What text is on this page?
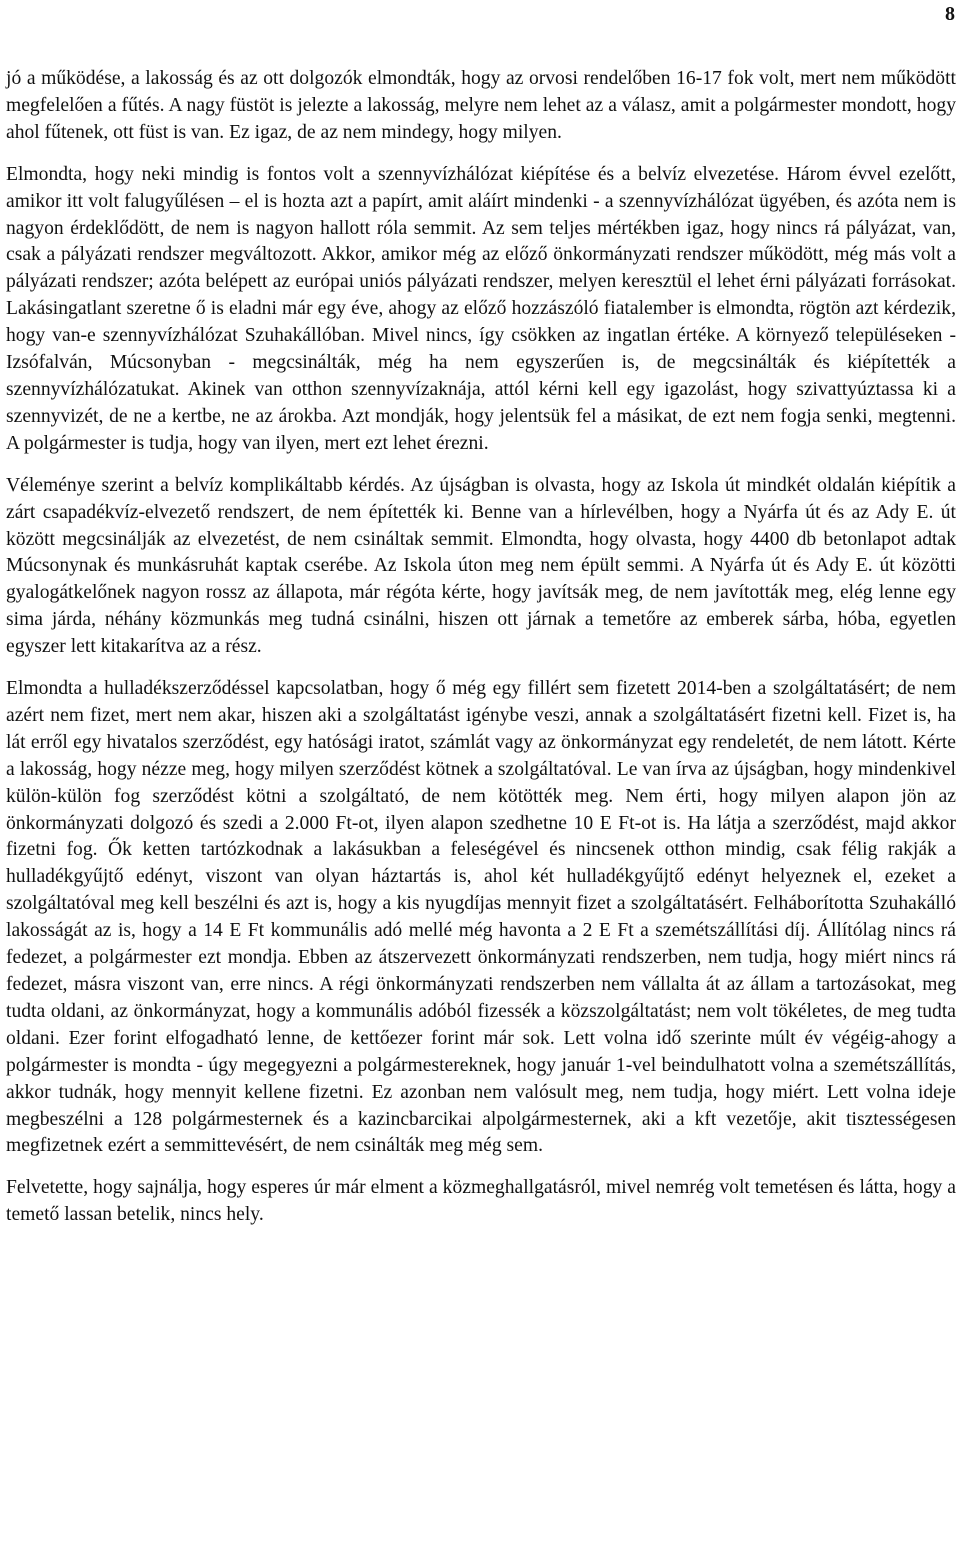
8

jó a működése, a lakosság és az ott dolgozók elmondták, hogy az orvosi rendelőben 16-17 fok volt, mert nem működött megfelelően a fűtés. A nagy füstöt is jelezte a lakosság, melyre nem lehet az a válasz, amit a polgármester mondott, hogy ahol fűtenek, ott füst is van. Ez igaz, de az nem mindegy, hogy milyen.

Elmondta, hogy neki mindig is fontos volt a szennyvízhálózat kiépítése és a belvíz elvezetése. Három évvel ezelőtt, amikor itt volt falugyűlésen – el is hozta azt a papírt, amit aláírt mindenki - a szennyvízhálózat ügyében, és azóta nem is nagyon érdeklődött, de nem is nagyon hallott róla semmit. Az sem teljes mértékben igaz, hogy nincs rá pályázat, van, csak a pályázati rendszer megváltozott. Akkor, amikor még az előző önkormányzati rendszer működött, még más volt a pályázati rendszer; azóta belépett az európai uniós pályázati rendszer, melyen keresztül el lehet érni pályázati forrásokat. Lakásingatlant szeretne ő is eladni már egy éve, ahogy az előző hozzászóló fiatalember is elmondta, rögtön azt kérdezik, hogy van-e szennyvízhálózat Szuhakállóban. Mivel nincs, így csökken az ingatlan értéke. A környező településeken - Izsófalván, Múcsonyban - megcsinálták, még ha nem egyszerűen is, de megcsinálták és kiépítették a szennyvízhálózatukat. Akinek van otthon szennyvízaknája, attól kérni kell egy igazolást, hogy szivattyúztassa ki a szennyvizét, de ne a kertbe, ne az árokba. Azt mondják, hogy jelentsük fel a másikat, de ezt nem fogja senki, megtenni. A polgármester is tudja, hogy van ilyen, mert ezt lehet érezni.

Véleménye szerint a belvíz komplikáltabb kérdés. Az újságban is olvasta, hogy az Iskola út mindkét oldalán kiépítik a zárt csapadékvíz-elvezető rendszert, de nem építették ki. Benne van a hírlevélben, hogy a Nyárfa út és az Ady E. út között megcsinálják az elvezetést, de nem csináltak semmit. Elmondta, hogy olvasta, hogy 4400 db betonlapot adtak Múcsonynak és munkásruhát kaptak cserébe. Az Iskola úton meg nem épült semmi. A Nyárfa út és Ady E. út közötti gyalogátkelőnek nagyon rossz az állapota, már régóta kérte, hogy javítsák meg, de nem javították meg, elég lenne egy sima járda, néhány közmunkás meg tudná csinálni, hiszen ott járnak a temetőre az emberek sárba, hóba, egyetlen egyszer lett kitakarítva az a rész.

Elmondta a hulladékszerződéssel kapcsolatban, hogy ő még egy fillért sem fizetett 2014-ben a szolgáltatásért; de nem azért nem fizet, mert nem akar, hiszen aki a szolgáltatást igénybe veszi, annak a szolgáltatásért fizetni kell. Fizet is, ha lát erről egy hivatalos szerződést, egy hatósági iratot, számlát vagy az önkormányzat egy rendeletét, de nem látott. Kérte a lakosság, hogy nézze meg, hogy milyen szerződést kötnek a szolgáltatóval. Le van írva az újságban, hogy mindenkivel külön-külön fog szerződést kötni a szolgáltató, de nem kötötték meg. Nem érti, hogy milyen alapon jön az önkormányzati dolgozó és szedi a 2.000 Ft-ot, ilyen alapon szedhetne 10 E Ft-ot is. Ha látja a szerződést, majd akkor fizetni fog. Ők ketten tartózkodnak a lakásukban a feleségével és nincsenek otthon mindig, csak félig rakják a hulladékgyűjtő edényt, viszont van olyan háztartás is, ahol két hulladékgyűjtő edényt helyeznek el, ezeket a szolgáltatóval meg kell beszélni és azt is, hogy a kis nyugdíjas mennyit fizet a szolgáltatásért. Felháborította Szuhakálló lakosságát az is, hogy a 14 E Ft kommunális adó mellé még havonta a 2 E Ft a szemétszállítási díj. Állítólag nincs rá fedezet, a polgármester ezt mondja. Ebben az átszervezett önkormányzati rendszerben, nem tudja, hogy miért nincs rá fedezet, másra viszont van, erre nincs. A régi önkormányzati rendszerben nem vállalta át az állam a tartozásokat, meg tudta oldani, az önkormányzat, hogy a kommunális adóból fizessék a közszolgáltatást; nem volt tökéletes, de meg tudta oldani. Ezer forint elfogadható lenne, de kettőezer forint már sok. Lett volna idő szerinte múlt év végéig-ahogy a polgármester is mondta - úgy megegyezni a polgármestereknek, hogy január 1-vel beindulhatott volna a szemétszállítás, akkor tudnák, hogy mennyit kellene fizetni. Ez azonban nem valósult meg, nem tudja, hogy miért. Lett volna ideje megbeszélni a 128 polgármesternek és a kazincbarcikai alpolgármesternek, aki a kft vezetője, akit tisztességesen megfizetnek ezért a semmittevésért, de nem csinálták meg még sem.

Felvetette, hogy sajnálja, hogy esperes úr már elment a közmeghallgatásról, mivel nemrég volt temetésen és látta, hogy a temető lassan betelik, nincs hely.
